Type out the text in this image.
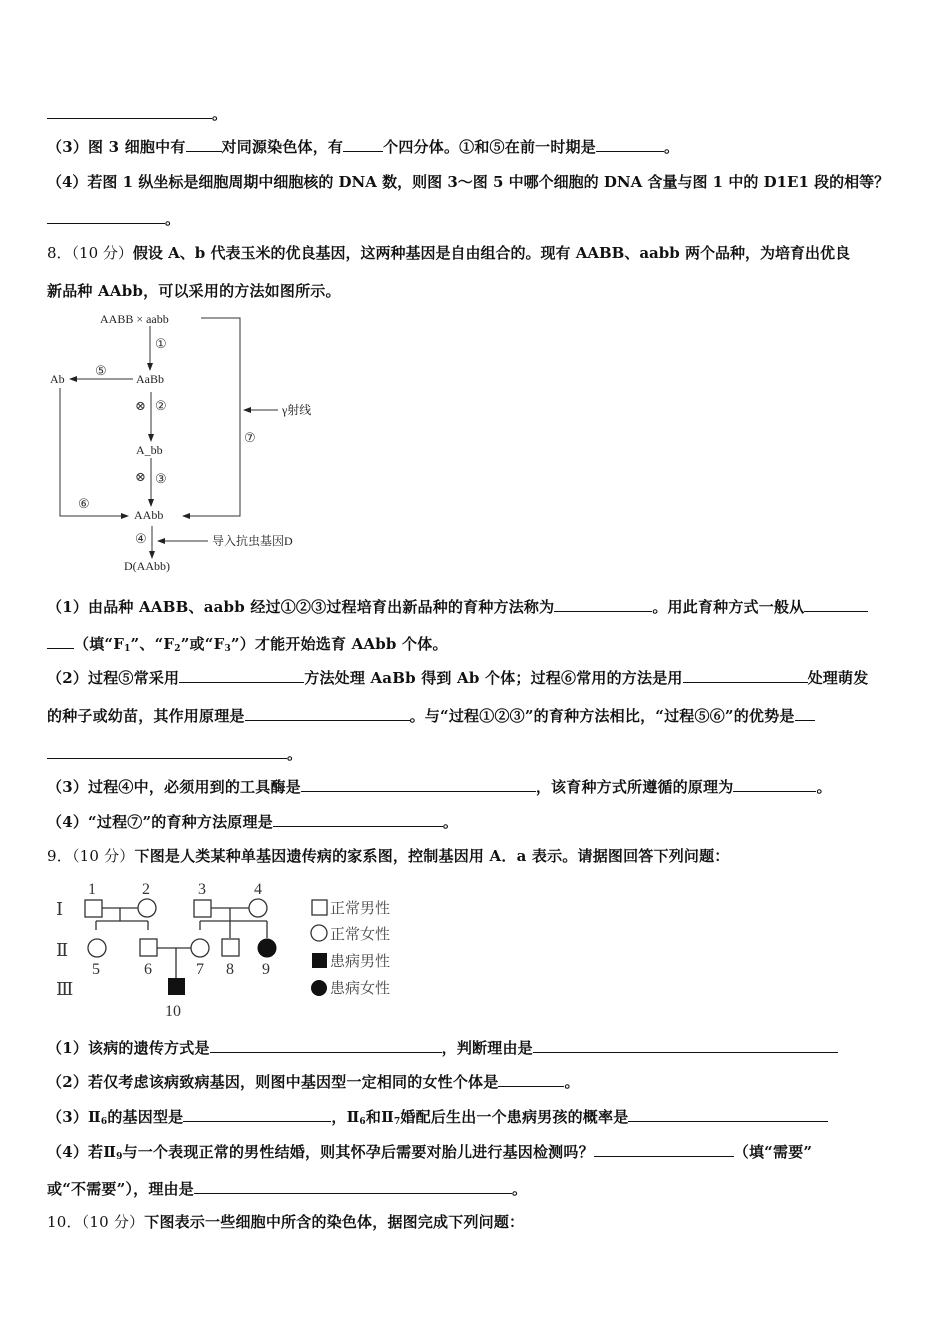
。
（3）图 3 细胞中有 对同源染色体，有	个四分体。①和⑤在前一时期是	。
（4）若图 1 纵坐标是细胞周期中细胞核的 DNA 数，则图 3～图 5 中哪个细胞的 DNA 含量与图 1 中的 D1E1 段的相等？
。
8．（10 分）假设 A、b 代表玉米的优良基因，这两种基因是自由组合的。现有 AABB、aabb 两个品种，为培育出优良
新品种 AAbb，可以采用的方法如图所示。
AABB × aabb
AaBb
Ab
A_bb
AAbb
D(AAbb)
γ射线
导入抗虫基因D
①
②
⊗
③
⊗
④
⑤
⑥
⑦
（1）由品种 AABB、aabb 经过①②③过程培育出新品种的育种方法称为	。用此育种方式一般从
（填“$F_1$”、“$F_2$”或“$F_3$”）才能开始选育 AAbb 个体。
（2）过程⑤常采用	方法处理 AaBb 得到 Ab 个体；过程⑥常用的方法是用	处理萌发
的种子或幼苗，其作用原理是	。与“过程①②③”的育种方法相比，“过程⑤⑥”的优势是
。
（3）过程④中，必须用到的工具酶是	，该育种方式所遵循的原理为	。
（4）“过程⑦”的育种方法原理是	。
9．（10 分）下图是人类某种单基因遗传病的家系图，控制基因用 A．a 表示。请据图回答下列问题：
Ⅰ
Ⅱ
Ⅲ
1	2	3	4
5	6	7 8 9
10
正常男性
正常女性
患病男性
患病女性
（1）该病的遗传方式是	，判断理由是
（2）若仅考虑该病致病基因，则图中基因型一定相同的女性个体是	。
$(3)Ⅱ_6$的基因型是	，$Ⅱ_6$和$Ⅱ_7$婚配后生出一个患病男孩的概率是
（4）若$Ⅱ_9$与一个表现正常的男性结婚，则其怀孕后需要对胎儿进行基因检测吗？	（填“需要”
或“不需要”），理由是	。
10．（10 分）下图表示一些细胞中所含的染色体，据图完成下列问题：
